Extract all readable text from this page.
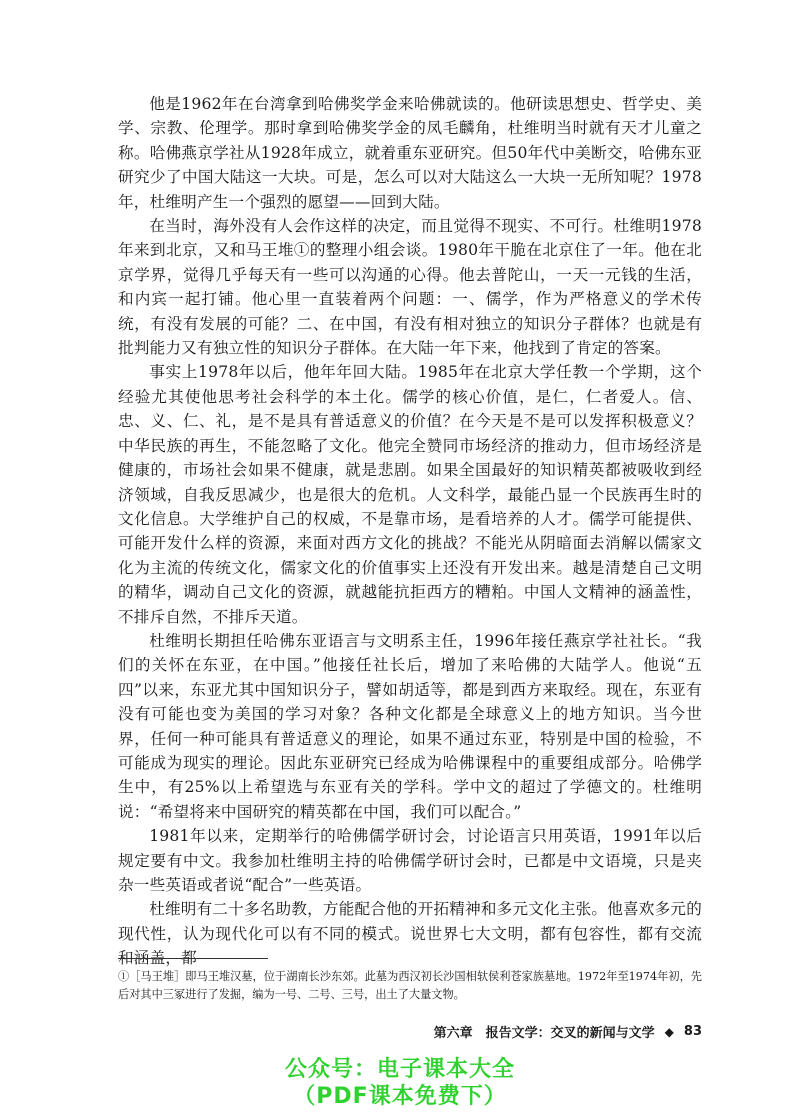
他是1962年在台湾拿到哈佛奖学金来哈佛就读的。他研读思想史、哲学史、美学、宗教、伦理学。那时拿到哈佛奖学金的凤毛麟角，杜维明当时就有天才儿童之称。哈佛燕京学社从1928年成立，就着重东亚研究。但50年代中美断交，哈佛东亚研究少了中国大陆这一大块。可是，怎么可以对大陆这么一大块一无所知呢？1978年，杜维明产生一个强烈的愿望——回到大陆。

在当时，海外没有人会作这样的决定，而且觉得不现实、不可行。杜维明1978年来到北京，又和马王堆①的整理小组会谈。1980年干脆在北京住了一年。他在北京学界，觉得几乎每天有一些可以沟通的心得。他去普陀山，一天一元钱的生活，和内宾一起打铺。他心里一直装着两个问题：一、儒学，作为严格意义的学术传统，有没有发展的可能？二、在中国，有没有相对独立的知识分子群体？也就是有批判能力又有独立性的知识分子群体。在大陆一年下来，他找到了肯定的答案。

事实上1978年以后，他年年回大陆。1985年在北京大学任教一个学期，这个经验尤其使他思考社会科学的本土化。儒学的核心价值，是仁，仁者爱人。信、忠、义、仁、礼，是不是具有普适意义的价值？在今天是不是可以发挥积极意义？中华民族的再生，不能忽略了文化。他完全赞同市场经济的推动力，但市场经济是健康的，市场社会如果不健康，就是悲剧。如果全国最好的知识精英都被吸收到经济领域，自我反思减少，也是很大的危机。人文科学，最能凸显一个民族再生时的文化信息。大学维护自己的权威，不是靠市场，是看培养的人才。儒学可能提供、可能开发什么样的资源，来面对西方文化的挑战？不能光从阴暗面去消解以儒家文化为主流的传统文化，儒家文化的价值事实上还没有开发出来。越是清楚自己文明的精华，调动自己文化的资源，就越能抗拒西方的糟粕。中国人文精神的涵盖性，不排斥自然，不排斥天道。

杜维明长期担任哈佛东亚语言与文明系主任，1996年接任燕京学社社长。“我们的关怀在东亚，在中国。”他接任社长后，增加了来哈佛的大陆学人。他说“五四”以来，东亚尤其中国知识分子，譬如胡适等，都是到西方来取经。现在，东亚有没有可能也变为美国的学习对象？各种文化都是全球意义上的地方知识。当今世界，任何一种可能具有普适意义的理论，如果不通过东亚，特别是中国的检验，不可能成为现实的理论。因此东亚研究已经成为哈佛课程中的重要组成部分。哈佛学生中，有25%以上希望选与东亚有关的学科。学中文的超过了学德文的。杜维明说：“希望将来中国研究的精英都在中国，我们可以配合。”

1981年以来，定期举行的哈佛儒学研讨会，讨论语言只用英语，1991年以后规定要有中文。我参加杜维明主持的哈佛儒学研讨会时，已都是中文语境，只是夹杂一些英语或者说“配合”一些英语。

杜维明有二十多名助教，方能配合他的开拓精神和多元文化主张。他喜欢多元的现代性，认为现代化可以有不同的模式。说世界七大文明，都有包容性，都有交流和涵盖，都

①［马王堆］即马王堆汉墓，位于湖南长沙东郊。此墓为西汉初长沙国相轪侯利苍家族墓地。1972年至1974年初，先后对其中三冢进行了发掘，编为一号、二号、三号，出土了大量文物。
第六章　报告文学：交叉的新闻与文学 ◆ 83
公众号：电子课本大全
（PDF课本免费下）
